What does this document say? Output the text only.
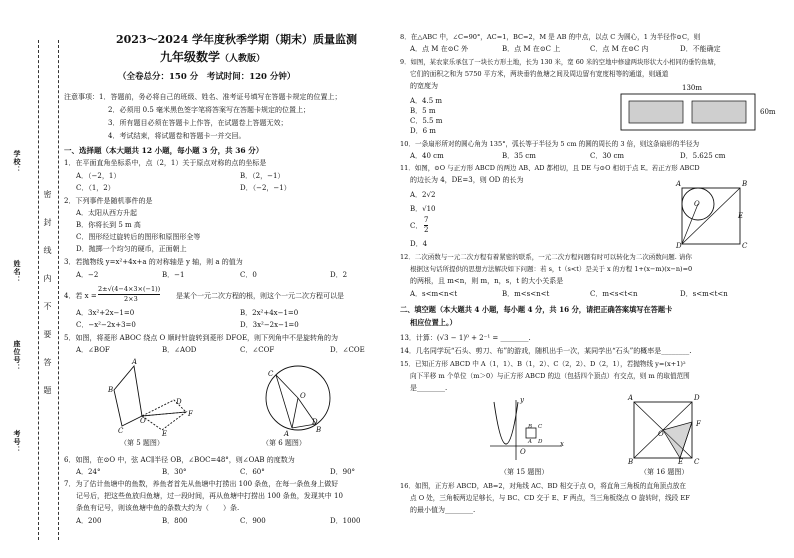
座位号：
姓名：
学校：
考号：
密　封　线　内　不　要　答　题
2023～2024 学年度秋季学期（期末）质量监测
九年级数学（人教版）
（全卷总分：150 分　考试时间：120 分钟）
注意事项：1．答题前，务必将自己的班级、姓名、准考证号填写在答题卡规定的位置上；
2．必须用 0.5 毫米黑色签字笔将答案写在答题卡规定的位置上；
3．所有题目必须在答题卡上作答，在试题卷上答题无效；
4．考试结束，将试题卷和答题卡一并交回。
一、选择题（本大题共 12 小题，每小题 3 分，共 36 分）
1．在平面直角坐标系中，点（2，1）关于原点对称的点的坐标是
A．（−2，1）	B．（2，−1）
C．（1，2）	D．（−2，−1）
2．下列事件是随机事件的是
A．太阳从西方升起
B．你将长到 5 m 高
C．图形经过旋转后的图形和原图形全等
D．抛掷一个均匀的硬币，正面朝上
3．若抛物线 y=x²+4x+a 的对称轴是 y 轴，则 a 的值为
A．−2	B．−1	C．0	D．2
4．若 x =
2±√(4−4×3×(−1))
2×3	是某个一元二次方程的根，则这个一元二次方程可以是
A．3x²+2x−1=0	B．2x²+4x−1=0
C．−x²−2x+3=0	D．3x²−2x−1=0
5．如图，将菱形 ABOC 绕点 O 顺时针旋转到菱形 DFOE，则下列角中不是旋转角的为
A．∠BOF	B．∠AOD	C．∠COF	D．∠COE
B
A
C
O
D
F
E
（第 5 题图）
C
O
D
A	B
（第 6 题图）
6．如图，在⊙O 中，弦 AC∥半径 OB，∠BOC=48°，则∠OAB 的度数为
A．24°	B．30°	C．60°	D．90°
7．为了估计鱼塘中的鱼数，养鱼者首先从鱼塘中打捞出 100 条鱼，在每一条鱼身上做好
记号后，把这些鱼放归鱼塘，过一段时间，再从鱼塘中打捞出 100 条鱼，发现其中 10
条鱼有记号，则该鱼塘中鱼的条数大约为（　　）条.
A．200	B．800	C．900	D．1000
8．在△ABC 中，∠C=90°，AC=1，BC=2，M 是 AB 的中点，以点 C 为圆心，1 为半径作⊙C，则
A．点 M 在⊙C 外	B．点 M 在⊙C 上	C．点 M 在⊙C 内	D．不能确定
9．如图，某农家乐承包了一块长方形土地，长为 130 米，宽 60 米的空地中修建两块形状大小相同的垂钓鱼塘，
它们的面积之和为 5750 平方米，两块垂钓鱼塘之间及周边留有宽度相等的通道，则通道
的宽度为
A．4.5 m
B．5 m
C．5.5 m
D．6 m
130m
60m
10．一条扇形所对的圆心角为 135°，弧长等于半径为 5 cm 的圆的周长的 3 倍，则这条扇形的半径为
A．40 cm	B．35 cm	C．30 cm	D．5.625 cm
11．如图，⊙O 与正方形 ABCD 的两边 AB、AD 都相切，且 DE 与⊙O 相切于点 E。若正方形 ABCD
的边长为 4，DE=3，则 OD 的长为
A．2√2
B．√10
C．
7
2
D．4
A	B
O
E
D	C
12．二次函数与一元二次方程有着紧密的联系，一元二次方程问题有时可以转化为二次函数问题. 请你
根据这句话所提供的思想方法解决如下问题：若 s，t（s<t）是关于 x 的方程 1+(x−m)(x−n)=0
的两根，且 m<n，则 m，n，s，t 的大小关系是
A．s<m<n<t	B．m<s<n<t	C．m<s<t<n	D．s<m<t<n
二、填空题（本大题共 4 小题，每小题 4 分，共 16 分，请把正确答案填写在答题卡
相应位置上。）
13．计算：(√3 − 1)⁰ + 2⁻¹ = ________.
14．几名同学玩“石头、剪刀、布”的游戏，随机出手一次，某同学出“石头”的概率是________.
15．已知正方形 ABCD 中 A（1，1）、B（1，2）、C（2，2）、D（2，1），若抛物线 y=(x+1)²
向下平移 m 个单位（m＞0）与正方形 ABCD 的边（包括四个顶点）有交点，则 m 的取值范围
是________.
y
x
O
B C
A D
（第 15 题图）
A	D
O
F
B	E C
（第 16 题图）
16．如图，正方形 ABCD，AB=2，对角线 AC、BD 相交于点 O，将直角三角板的直角顶点放在
点 O 处，三角板两边足够长，与 BC、CD 交于 E、F 两点，当三角板绕点 O 旋转时，线段 EF
的最小值为________.
